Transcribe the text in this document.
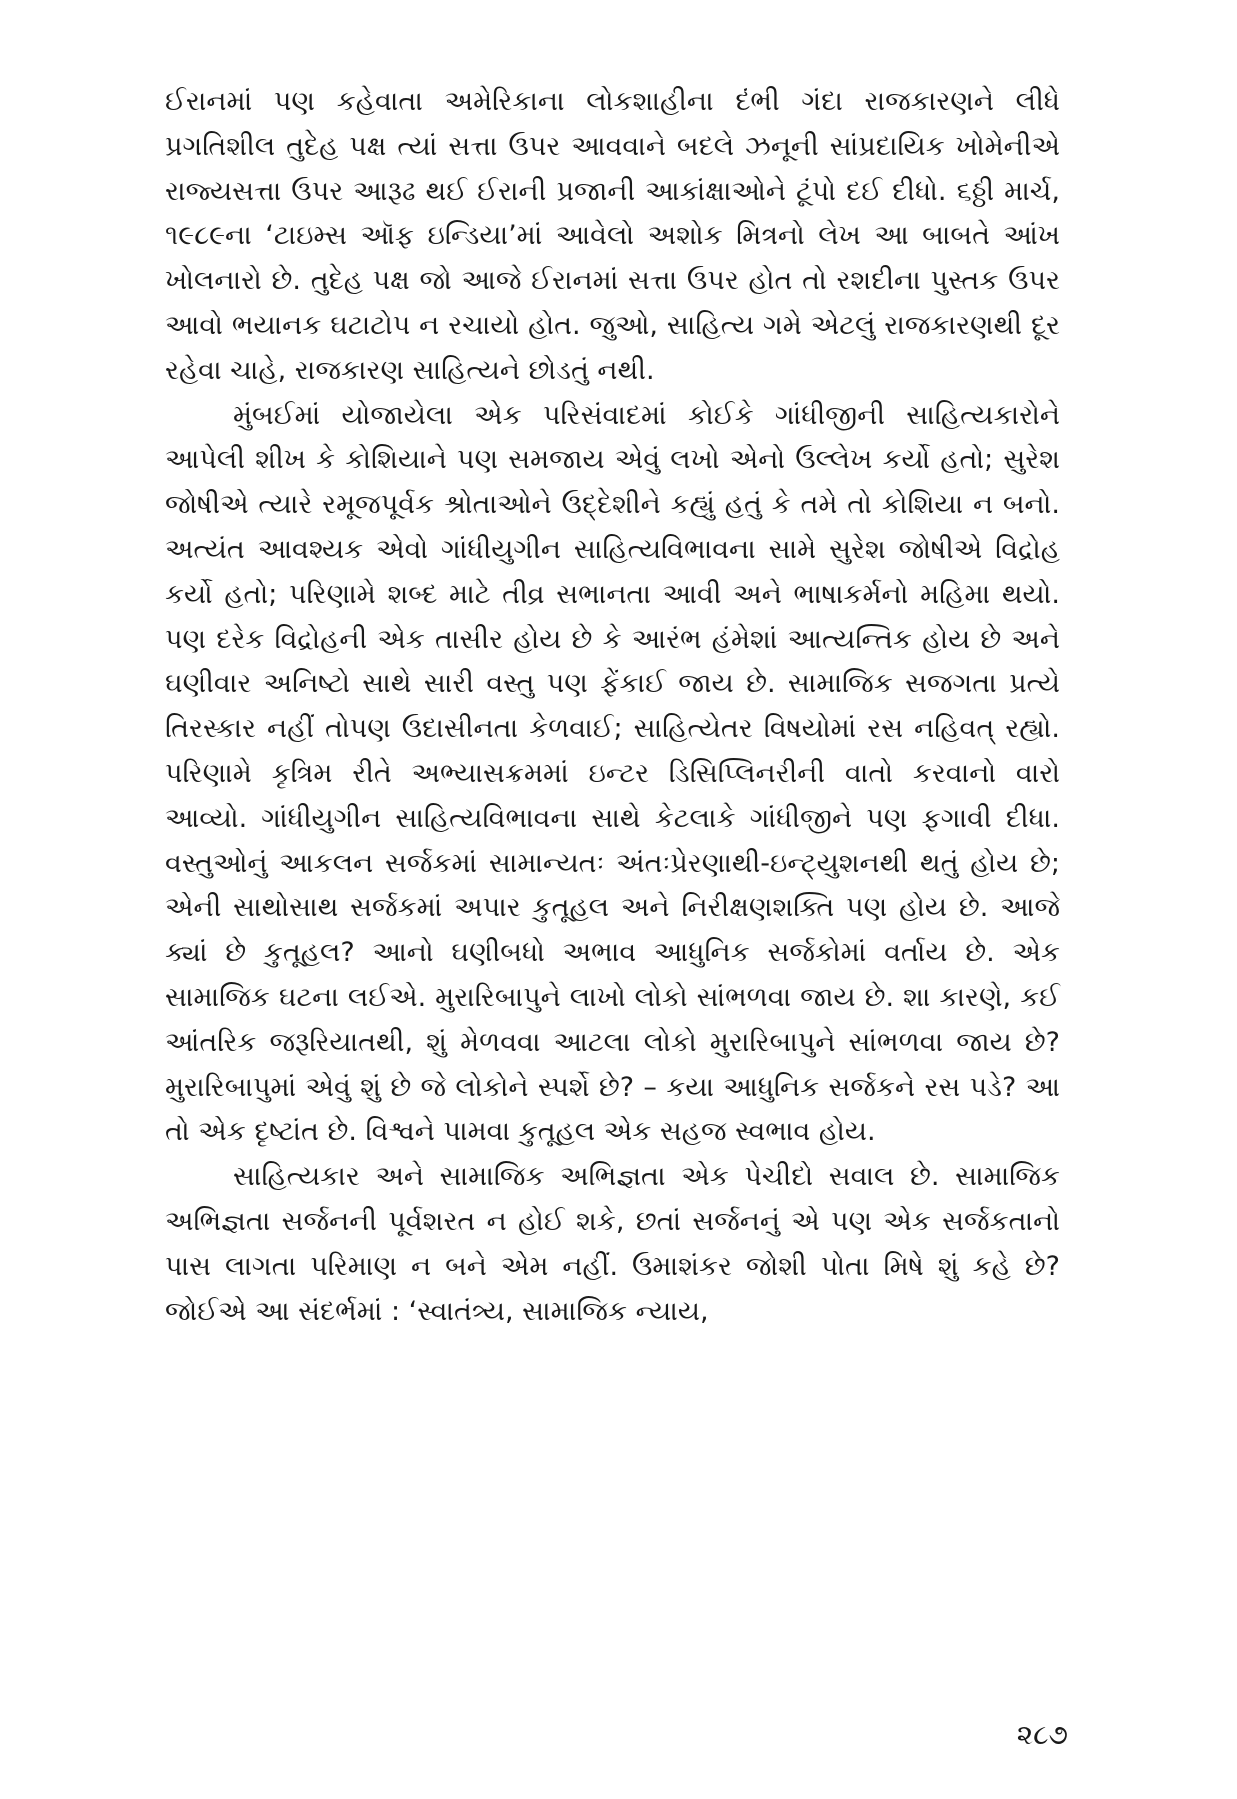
ઈરાનમાં પણ કહેવાતા અમેરિકાના લોકશાહીના દંભી ગંદા રાજકારણને લીધે પ્રગતિશીલ તુદેહ પક્ષ ત્યાં સત્તા ઉપર આવવાને બદલે ઝનૂની સાંપ્રદાયિક ખોમેનીએ રાજ્યસત્તા ઉપર આરૂઢ થઈ ઈરાની પ્રજાની આકાંક્ષાઓને ટૂંપો દઈ દીધો. ૬ઠ્ઠી માર્ચ, ૧૯૮૯ના ‘ટાઇમ્સ ઑફ ઇન્ડિયા’માં આવેલો અશોક મિત્રનો લેખ આ બાબતે આંખ ખોલનારો છે. તુદેહ પક્ષ જો આજે ઈરાનમાં સત્તા ઉપર હોત તો રશદીના પુસ્તક ઉપર આવો ભયાનક ઘટાટોપ ન રચાયો હોત. જુઓ, સાહિત્ય ગમે એટલું રાજકારણથી દૂર રહેવા ચાહે, રાજકારણ સાહિત્યને છોડતું નથી.

મુંબઈમાં યોજાયેલા એક પરિસંવાદમાં કોઈકે ગાંધીજીની સાહિત્યકારોને આપેલી શીખ કે કોશિયાને પણ સમજાય એવું લખો એનો ઉલ્લેખ કર્યો હતો; સુરેશ જોષીએ ત્યારે રમૂજપૂર્વક શ્રોતાઓને ઉદ્દેશીને કહ્યું હતું કે તમે તો કોશિયા ન બનો. અત્યંત આવશ્યક એવો ગાંધીયુગીન સાહિત્યવિભાવના સામે સુરેશ જોષીએ વિદ્રોહ કર્યો હતો; પરિણામે શબ્દ માટે તીવ્ર સભાનતા આવી અને ભાષાકર્મનો મહિમા થયો. પણ દરેક વિદ્રોહની એક તાસીર હોય છે કે આરંભ હંમેશાં આત્યન્તિક હોય છે અને ઘણીવાર અનિષ્ટો સાથે સારી વસ્તુ પણ ફેંકાઈ જાય છે. સામાજિક સજગતા પ્રત્યે તિરસ્કાર નહીં તોપણ ઉદાસીનતા કેળવાઈ; સાહિત્યેતર વિષયોમાં રસ નહિવત્ રહ્યો. પરિણામે કૃત્રિમ રીતે અભ્યાસક્રમમાં ઇન્ટર ડિસિપ્લિનરીની વાતો કરવાનો વારો આવ્યો. ગાંધીયુગીન સાહિત્યવિભાવના સાથે કેટલાકે ગાંધીજીને પણ ફગાવી દીધા. વસ્તુઓનું આકલન સર્જકમાં સામાન્યતઃ અંતઃપ્રેરણાથી-ઇન્ટ્યુશનથી થતું હોય છે; એની સાથોસાથ સર્જકમાં અપાર કુતૂહલ અને નિરીક્ષણશક્તિ પણ હોય છે. આજે ક્યાં છે કુતૂહલ? આનો ઘણીબધો અભાવ આધુનિક સર્જકોમાં વર્તાય છે. એક સામાજિક ઘટના લઈએ. મુરારિબાપુને લાખો લોકો સાંભળવા જાય છે. શા કારણે, કઈ આંતરિક જરૂરિયાતથી, શું મેળવવા આટલા લોકો મુરારિબાપુને સાંભળવા જાય છે? મુરારિબાપુમાં એવું શું છે જે લોકોને સ્પર્શે છે? – કયા આધુનિક સર્જકને રસ પડે? આ તો એક દૃષ્ટાંત છે. વિશ્વને પામવા કુતૂહલ એક સહજ સ્વભાવ હોય.

સાહિત્યકાર અને સામાજિક અભિજ્ઞતા એક પેચીદો સવાલ છે. સામાજિક અભિજ્ઞતા સર્જનની પૂર્વશરત ન હોઈ શકે, છતાં સર્જનનું એ પણ એક સર્જકતાનો પાસ લાગતા પરિમાણ ન બને એમ નહીં. ઉમાશંકર જોશી પોતા મિષે શું કહે છે? જોઈએ આ સંદર્ભમાં : ‘સ્વાતંત્ર્ય, સામાજિક ન્યાય,

૨૮૭
